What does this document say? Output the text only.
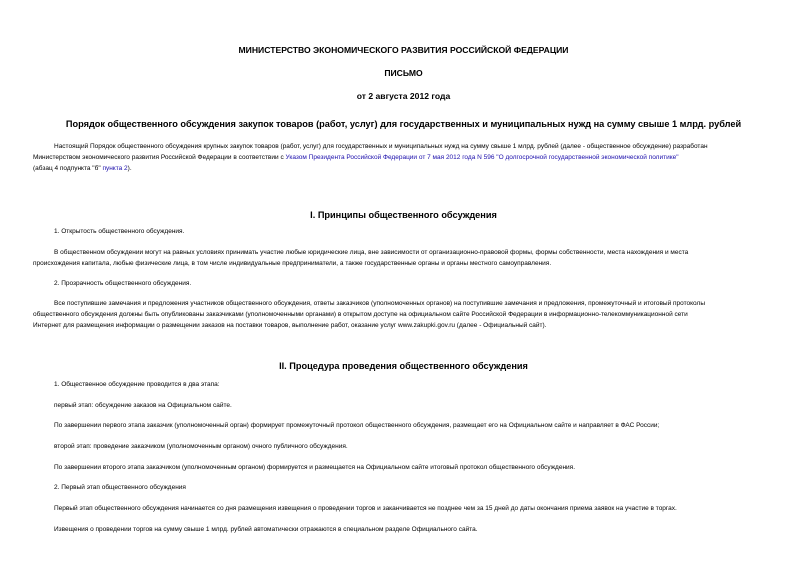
МИНИСТЕРСТВО ЭКОНОМИЧЕСКОГО РАЗВИТИЯ РОССИЙСКОЙ ФЕДЕРАЦИИ
ПИСЬМО
от 2 августа 2012 года
Порядок общественного обсуждения закупок товаров (работ, услуг) для государственных и муниципальных нужд на сумму свыше 1 млрд. рублей
Настоящий Порядок общественного обсуждения крупных закупок товаров (работ, услуг) для государственных и муниципальных нужд на сумму свыше 1 млрд. рублей (далее - общественное обсуждение) разработан
Министерством экономического развития Российской Федерации в соответствии с Указом Президента Российской Федерации от 7 мая 2012 года N 596 "О долгосрочной государственной экономической политике"
(абзац 4 подпункта "б" пункта 2).
I. Принципы общественного обсуждения
1. Открытость общественного обсуждения.
В общественном обсуждении могут на равных условиях принимать участие любые юридические лица, вне зависимости от организационно-правовой формы, формы собственности, места нахождения и места
происхождения капитала, любые физические лица, в том числе индивидуальные предприниматели, а также государственные органы и органы местного самоуправления.
2. Прозрачность общественного обсуждения.
Все поступившие замечания и предложения участников общественного обсуждения, ответы заказчиков (уполномоченных органов) на поступившие замечания и предложения, промежуточный и итоговый протоколы
общественного обсуждения должны быть опубликованы заказчиками (уполномоченными органами) в открытом доступе на официальном сайте Российской Федерации в информационно-телекоммуникационной сети
Интернет для размещения информации о размещении заказов на поставки товаров, выполнение работ, оказание услуг www.zakupki.gov.ru (далее - Официальный сайт).
II. Процедура проведения общественного обсуждения
1. Общественное обсуждение проводится в два этапа:
первый этап: обсуждение заказов на Официальном сайте.
По завершении первого этапа заказчик (уполномоченный орган) формирует промежуточный протокол общественного обсуждения, размещает его на Официальном сайте и направляет в ФАС России;
второй этап: проведение заказчиком (уполномоченным органом) очного публичного обсуждения.
По завершении второго этапа заказчиком (уполномоченным органом) формируется и размещается на Официальном сайте итоговый протокол общественного обсуждения.
2. Первый этап общественного обсуждения
Первый этап общественного обсуждения начинается со дня размещения извещения о проведении торгов и заканчивается не позднее чем за 15 дней до даты окончания приема заявок на участие в торгах.
Извещения о проведении торгов на сумму свыше 1 млрд. рублей автоматически отражаются в специальном разделе Официального сайта.
